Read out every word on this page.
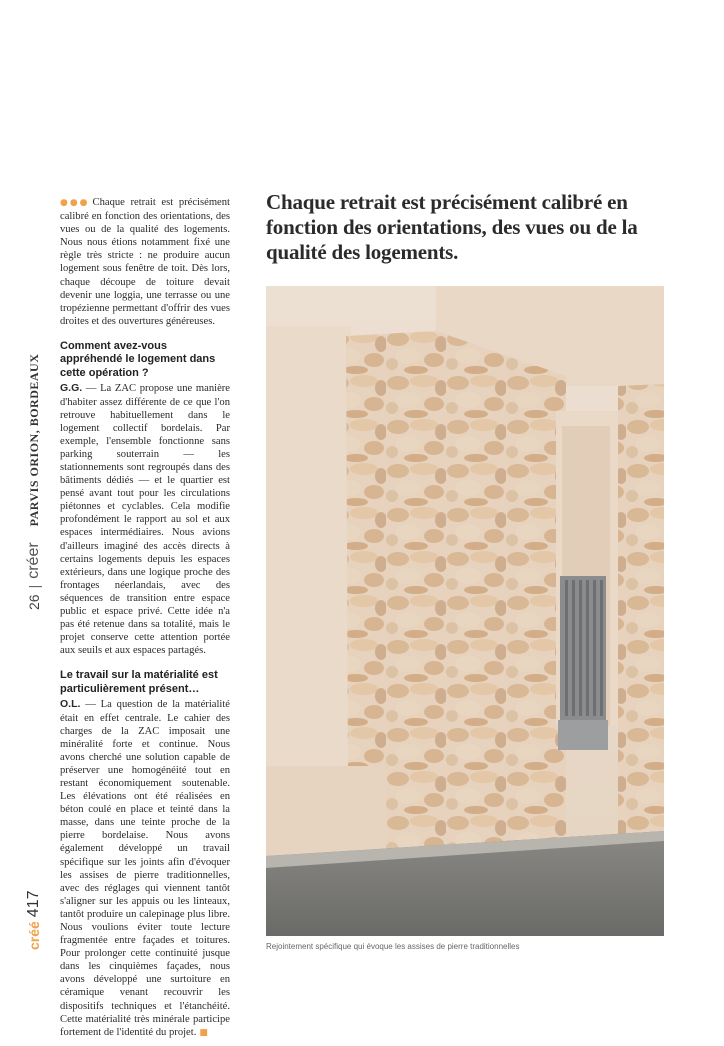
26
|
créer
PARVIS ORION, BORDEAUX
créé
417

●●● Chaque retrait est précisément calibré en fonction des orientations, des vues ou de la qualité des logements. Nous nous étions notamment fixé une règle très stricte : ne produire aucun logement sous fenêtre de toit. Dès lors, chaque découpe de toiture devait devenir une loggia, une terrasse ou une tropézienne permettant d'offrir des vues droites et des ouvertures généreuses.

Comment avez-vous appréhendé le logement dans cette opération ?

G.G. — La ZAC propose une manière d'habiter assez différente de ce que l'on retrouve habituellement dans le logement collectif bordelais. Par exemple, l'ensemble fonctionne sans parking souterrain — les stationnements sont regroupés dans des bâtiments dédiés — et le quartier est pensé avant tout pour les circulations piétonnes et cyclables. Cela modifie profondément le rapport au sol et aux espaces intermédiaires. Nous avions d'ailleurs imaginé des accès directs à certains logements depuis les espaces extérieurs, dans une logique proche des frontages néerlandais, avec des séquences de transition entre espace public et espace privé. Cette idée n'a pas été retenue dans sa totalité, mais le projet conserve cette attention portée aux seuils et aux espaces partagés.

Le travail sur la matérialité est particulièrement présent…

O.L. — La question de la matérialité était en effet centrale. Le cahier des charges de la ZAC imposait une minéralité forte et continue. Nous avons cherché une solution capable de préserver une homogénéité tout en restant économiquement soutenable. Les élévations ont été réalisées en béton coulé en place et teinté dans la masse, dans une teinte proche de la pierre bordelaise. Nous avons également développé un travail spécifique sur les joints afin d'évoquer les assises de pierre traditionnelles, avec des réglages qui viennent tantôt s'aligner sur les appuis ou les linteaux, tantôt produire un calepinage plus libre. Nous voulions éviter toute lecture fragmentée entre façades et toitures. Pour prolonger cette continuité jusque dans les cinquièmes façades, nous avons développé une surtoiture en céramique venant recouvrir les dispositifs techniques et l'étanchéité. Cette matérialité très minérale participe fortement de l'identité du projet. ■

Chaque retrait est précisément calibré en fonction des orientations, des vues ou de la qualité des logements.
Rejointement spécifique qui évoque les assises de pierre traditionnelles
